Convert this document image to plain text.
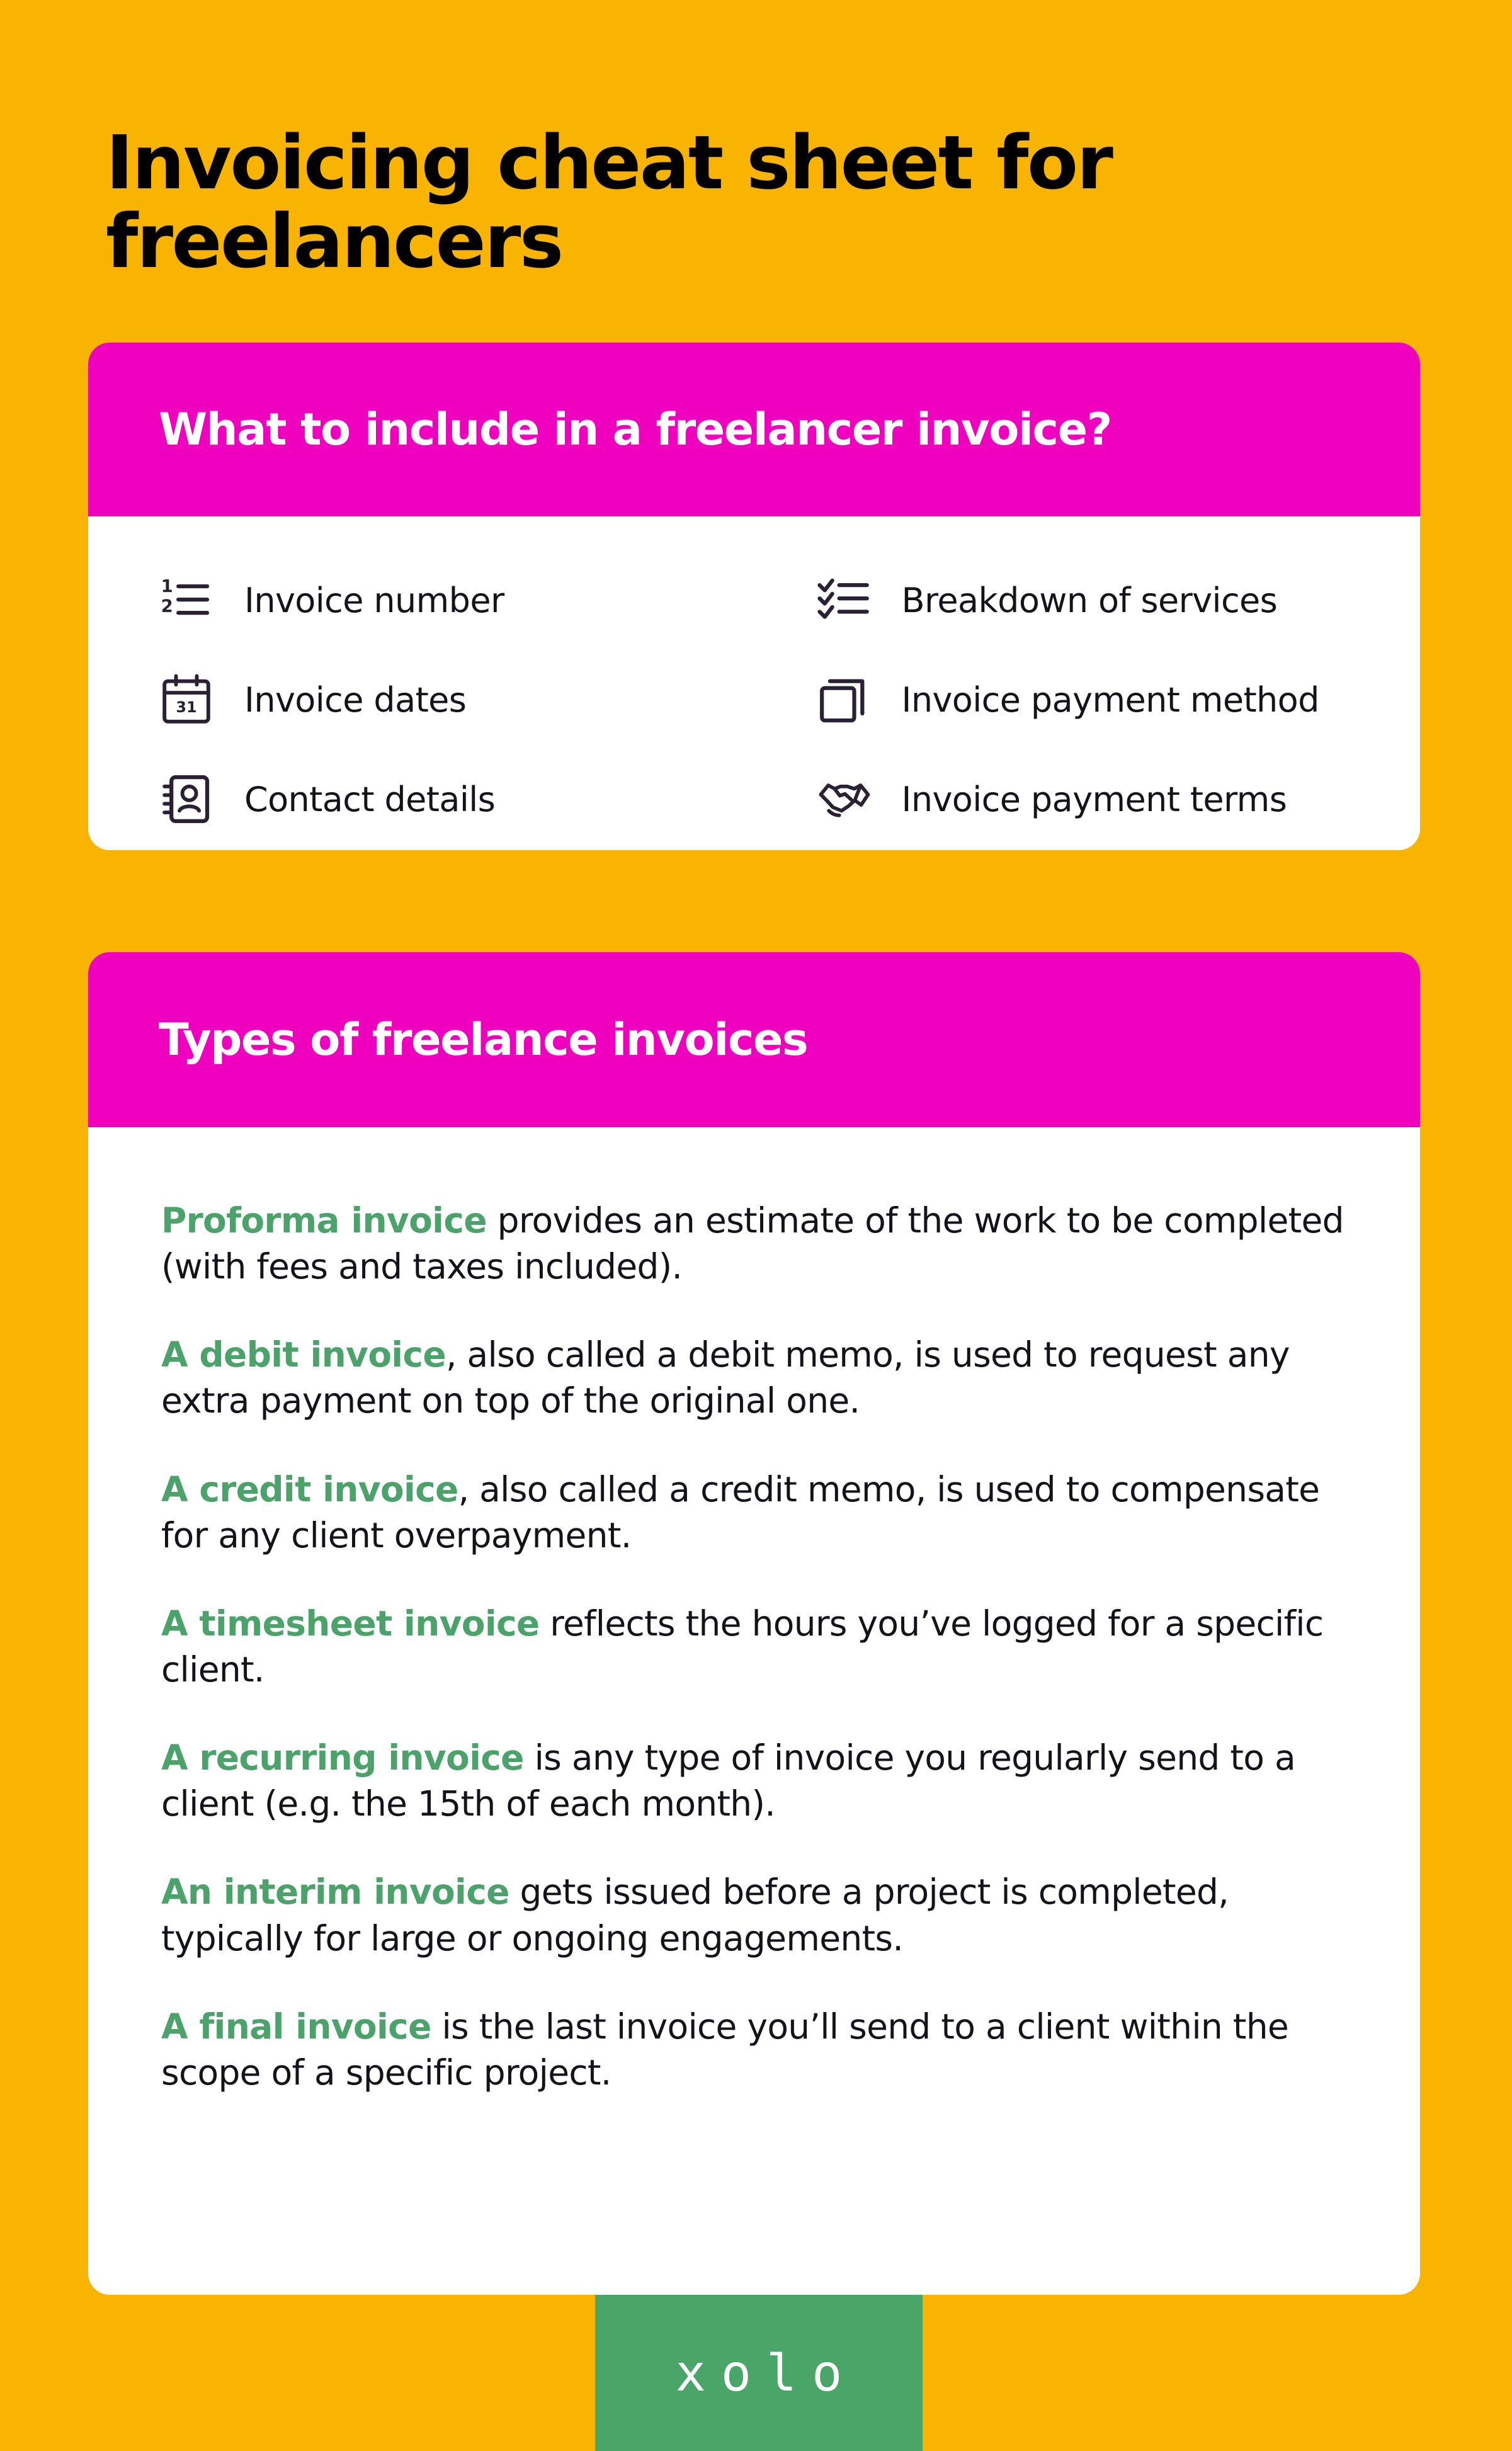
Invoicing cheat sheet for freelancers
What to include in a freelancer invoice?
1
2 Invoice number	Breakdown of services
31 Invoice dates	Invoice payment method
Contact details	Invoice payment terms
Types of freelance invoices

Proforma invoice provides an estimate of the work to be completed (with fees and taxes included).

A debit invoice, also called a debit memo, is used to request any extra payment on top of the original one.

A credit invoice, also called a credit memo, is used to compensate for any client overpayment.

A timesheet invoice reflects the hours you’ve logged for a specific client.

A recurring invoice is any type of invoice you regularly send to a client (e.g. the 15th of each month).

An interim invoice gets issued before a project is completed, typically for large or ongoing engagements.

A final invoice is the last invoice you’ll send to a client within the scope of a specific project.

xolo
